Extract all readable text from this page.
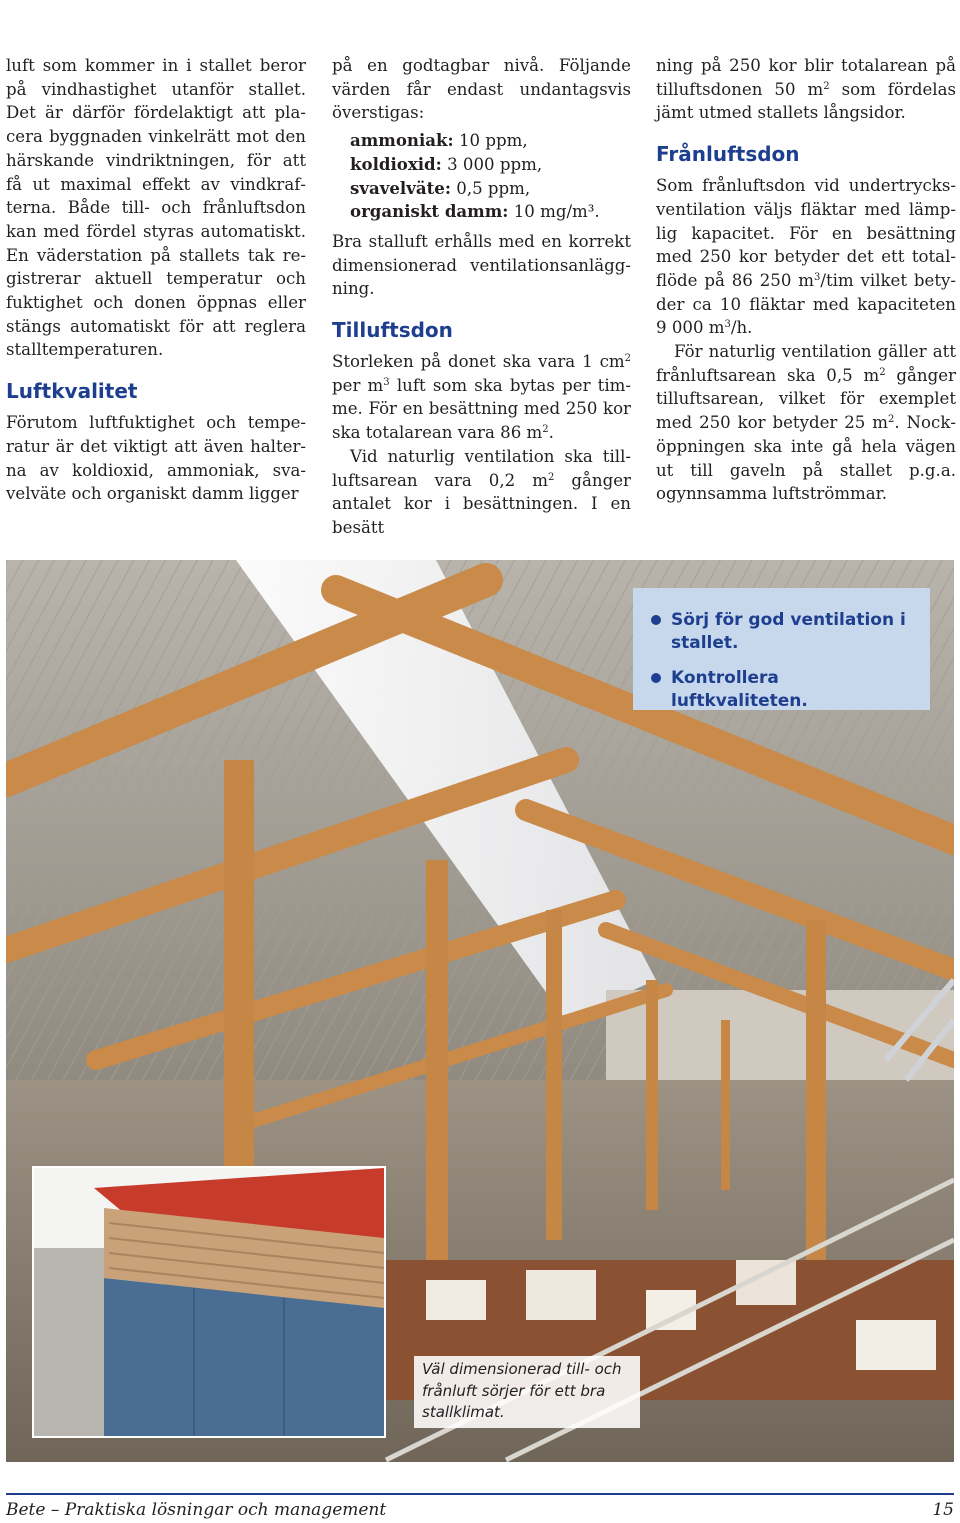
luft som kommer in i stallet beror på vindhastighet utanför stallet. Det är därför fördelaktigt att placera byggnaden vinkelrätt mot den härskande vindriktningen, för att få ut maximal effekt av vindkrafterna. Både till- och frånluftsdon kan med fördel styras automatiskt. En väderstation på stallets tak registrerar aktuell temperatur och fuktighet och donen öppnas eller stängs automatiskt för att reglera stalltemperaturen.

Luftkvalitet

Förutom luftfuktighet och temperatur är det viktigt att även halterna av koldioxid, ammoniak, svavelväte och organiskt damm ligger

på en godtagbar nivå. Följande värden får endast undantagsvis överstigas:

ammoniak: 10 ppm,
koldioxid: 3 000 ppm,
svavelväte: 0,5 ppm,
organiskt damm: 10 mg/m³.

Bra stalluft erhålls med en korrekt dimensionerad ventilationsanläggning.

Tilluftsdon

Storleken på donet ska vara 1 $cm^2$ per $m^3$ luft som ska bytas per timme. För en besättning med 250 kor ska totalarean vara 86 $m^2$.

Vid naturlig ventilation ska tillluftsarean vara 0,2 $m^2$ gånger antalet kor i besättningen. I en besätt

ning på 250 kor blir totalarean på tilluftsdonen 50 $m^2$ som fördelas jämt utmed stallets långsidor.

Frånluftsdon

Som frånluftsdon vid undertrycksventilation väljs fläktar med lämplig kapacitet. För en besättning med 250 kor betyder det ett totalflöde på 86 250 $m^3$/tim vilket betyder ca 10 fläktar med kapaciteten 9 000 $m^3/h$.

För naturlig ventilation gäller att frånluftsarean ska 0,5 $m^2$ gånger tilluftsarean, vilket för exemplet med 250 kor betyder 25 $m^2$. Nocköppningen ska inte gå hela vägen ut till gaveln på stallet p.g.a. ogynnsamma luftströmmar.

Sörj för god ventilation i stallet.
Kontrollera luftkvaliteten.
Väl dimensionerad till- och frånluft sörjer för ett bra stallklimat.
Bete – Praktiska lösningar och management	15
